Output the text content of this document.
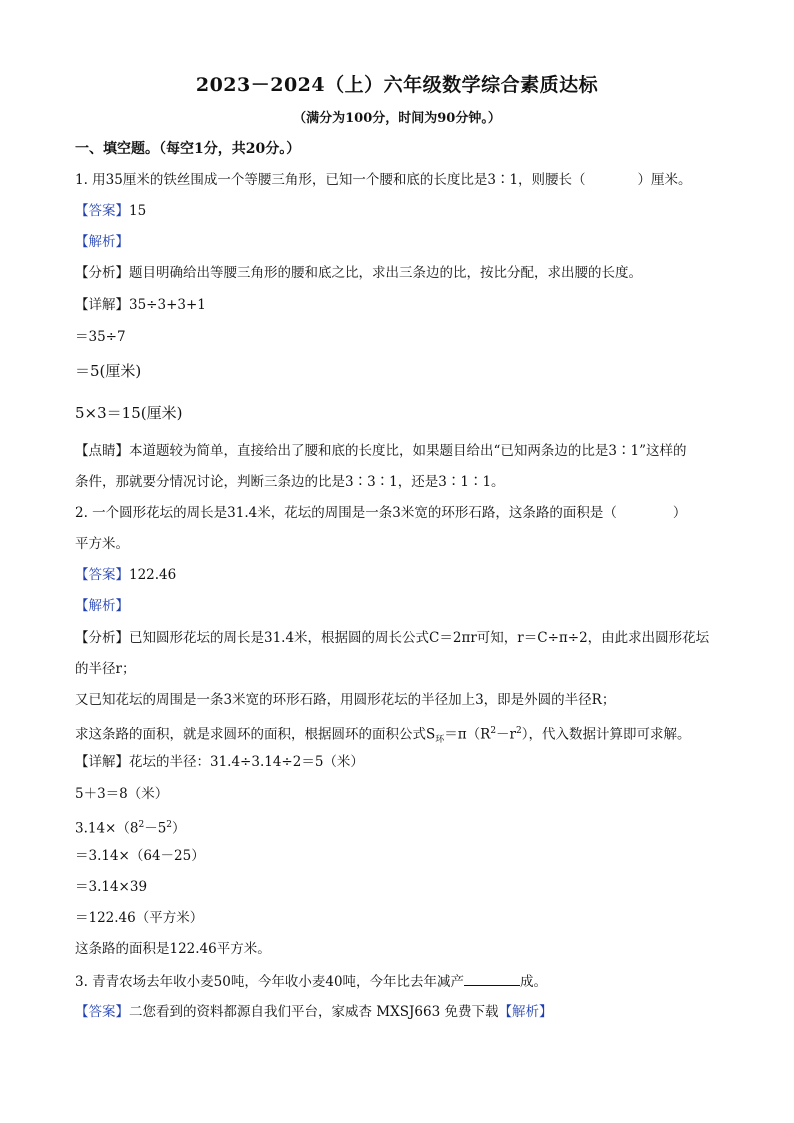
2023－2024（上）六年级数学综合素质达标
（满分为100分，时间为90分钟。）
一、填空题。（每空1分，共20分。）
1. 用35厘米的铁丝围成一个等腰三角形，已知一个腰和底的长度比是3∶1，则腰长（	）厘米。
【答案】15
【解析】
【分析】题目明确给出等腰三角形的腰和底之比，求出三条边的比，按比分配，求出腰的长度。
【详解】35÷3+3+1
＝35÷7
＝5(厘米)
5×3＝15(厘米)
【点睛】本道题较为简单，直接给出了腰和底的长度比，如果题目给出“已知两条边的比是3∶1”这样的
条件，那就要分情况讨论，判断三条边的比是3∶3∶1，还是3∶1∶1。
2. 一个圆形花坛的周长是31.4米，花坛的周围是一条3米宽的环形石路，这条路的面积是（	）
平方米。
【答案】122.46
【解析】
【分析】已知圆形花坛的周长是31.4米，根据圆的周长公式C＝2πr可知，r＝C÷π÷2，由此求出圆形花坛
的半径r；
又已知花坛的周围是一条3米宽的环形石路，用圆形花坛的半径加上3，即是外圆的半径R；
求这条路的面积，就是求圆环的面积，根据圆环的面积公式$S_环=\pi(R^2-r^2)$，代入数据计算即可求解。
【详解】花坛的半径：31.4÷3.14÷2＝5（米）
5＋3＝8（米）
$3.14\times(8^2-5^2)$
＝3.14×（64－25）
＝3.14×39
＝122.46（平方米）
这条路的面积是122.46平方米。
3. 青青农场去年收小麦50吨，今年收小麦40吨，今年比去年减产	成。
【答案】二您看到的资料都源自我们平台，家威杏 MXSJ663 免费下载【解析】
